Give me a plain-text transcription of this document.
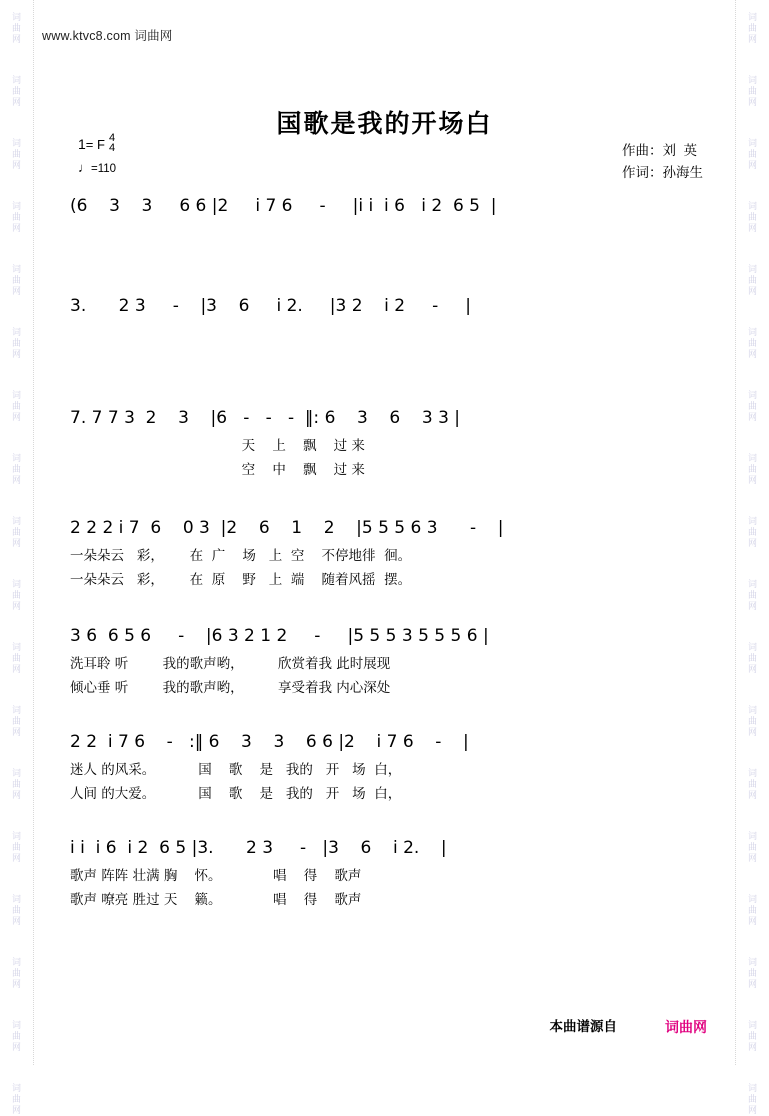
词曲网
词曲网
词曲网
词曲网
词曲网
词曲网
词曲网
词曲网
词曲网
词曲网
词曲网
词曲网
词曲网
词曲网
词曲网
词曲网
词曲网
词曲网
词曲网
词曲网
词曲网
词曲网
词曲网
词曲网
词曲网
词曲网
词曲网
词曲网
词曲网
词曲网
词曲网
词曲网
词曲网
词曲网
词曲网
词曲网
www.ktvc8.com 词曲网
国歌是我的开场白
作曲：刘  英
作词：孙海生
1= F 4

4
♩=110
(6    3    3     6 6 |2     i 7 6     -     |i i  i 6   i 2  6 5  |
3.      2 3     -    |3    6     i 2.     |3 2    i 2     -     |
7. 7 7 3  2    3    |6   -   -   -  ‖: 6    3    6    3 3 |
天    上    飘    过 来
空    中    飘    过 来
2 2 2 i 7  6    0 3  |2    6    1    2    |5 5 5 6 3      -    |
一朵朵云   彩，      在  广    场   上  空    不停地徘  徊。
一朵朵云   彩，      在  原    野   上  端    随着风摇  摆。
3 6  6 5 6     -    |6 3 2 1 2     -     |5 5 5 3 5 5 5 6 |
洗耳聆 听        我的歌声哟，        欣赏着我 此时展现
倾心垂 听        我的歌声哟，        享受着我 内心深处
2 2  i 7 6    -   :‖ 6    3    3    6 6 |2    i 7 6    -    |
迷人 的风采。          国    歌    是   我的   开   场  白，
人间 的大爱。          国    歌    是   我的   开   场  白，
i i  i 6  i 2  6 5 |3.      2 3     -   |3    6    i 2.    |
歌声 阵阵 壮满 胸    怀。            唱    得    歌声
歌声 嘹亮 胜过 天    籁。            唱    得    歌声
本曲谱源自	词曲网
